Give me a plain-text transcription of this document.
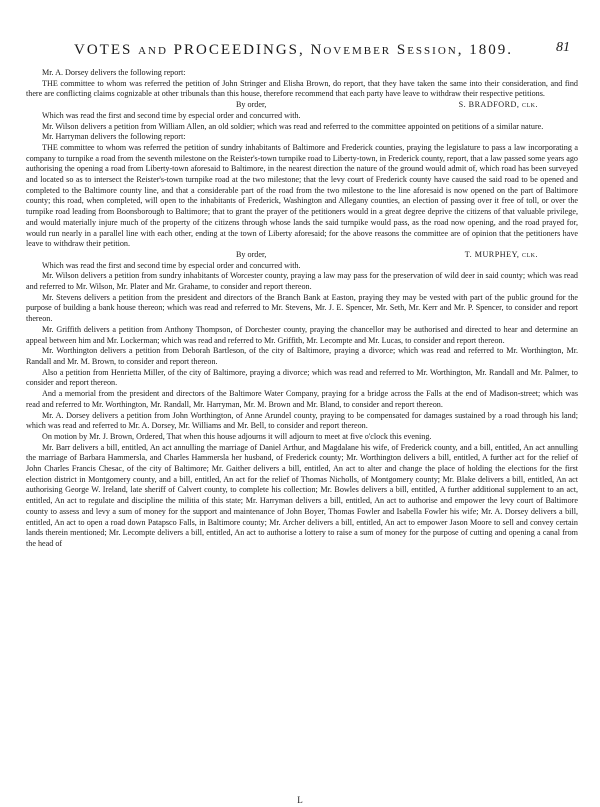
VOTES and PROCEEDINGS, November Session, 1809.	81

Mr. A. Dorsey delivers the following report:

THE committee to whom was referred the petition of John Stringer and Elisha Brown, do report, that they have taken the same into their consideration, and find there are conflicting claims cognizable at other tribunals than this house, therefore recommend that each party have leave to withdraw their respective petitions.

By order,	S. BRADFORD, clk.

Which was read the first and second time by especial order and concurred with.

Mr. Wilson delivers a petition from William Allen, an old soldier; which was read and referred to the committee appointed on petitions of a similar nature.

Mr. Harryman delivers the following report:

THE committee to whom was referred the petition of sundry inhabitants of Baltimore and Frederick counties, praying the legislature to pass a law incorporating a company to turnpike a road from the seventh milestone on the Reister's-town turnpike road to Liberty-town, in Frederick county, report, that a law passed some years ago authorising the opening a road from Liberty-town aforesaid to Baltimore, in the nearest direction the nature of the ground would admit of, which road has been surveyed and located so as to intersect the Reister's-town turnpike road at the two milestone; that the levy court of Frederick county have caused the said road to be opened and completed to the Baltimore county line, and that a considerable part of the road from the two milestone to the line aforesaid is now opened on the part of Baltimore county; this road, when completed, will open to the inhabitants of Frederick, Washington and Allegany counties, an election of passing over it free of toll, or over the turnpike road leading from Boonsborough to Baltimore; that to grant the prayer of the petitioners would in a great degree deprive the citizens of that valuable privilege, and would materially injure much of the property of the citizens through whose lands the said turnpike would pass, as the road now opening, and the road prayed for, would run nearly in a parallel line with each other, ending at the town of Liberty aforesaid; for the above reasons the committee are of opinion that the petitioners have leave to withdraw their petition.

By order,	T. MURPHEY, clk.

Which was read the first and second time by especial order and concurred with.

Mr. Wilson delivers a petition from sundry inhabitants of Worcester county, praying a law may pass for the preservation of wild deer in said county; which was read and referred to Mr. Wilson, Mr. Plater and Mr. Grahame, to consider and report thereon.

Mr. Stevens delivers a petition from the president and directors of the Branch Bank at Easton, praying they may be vested with part of the public ground for the purpose of building a bank house thereon; which was read and referred to Mr. Stevens, Mr. J. E. Spencer, Mr. Seth, Mr. Kerr and Mr. P. Spencer, to consider and report thereon.

Mr. Griffith delivers a petition from Anthony Thompson, of Dorchester county, praying the chancellor may be authorised and directed to hear and determine an appeal between him and Mr. Lockerman; which was read and referred to Mr. Griffith, Mr. Lecompte and Mr. Lucas, to consider and report thereon.

Mr. Worthington delivers a petition from Deborah Bartleson, of the city of Baltimore, praying a divorce; which was read and referred to Mr. Worthington, Mr. Randall and Mr. M. Brown, to consider and report thereon.

Also a petition from Henrietta Miller, of the city of Baltimore, praying a divorce; which was read and referred to Mr. Worthington, Mr. Randall and Mr. Palmer, to consider and report thereon.

And a memorial from the president and directors of the Baltimore Water Company, praying for a bridge across the Falls at the end of Madison-street; which was read and referred to Mr. Worthington, Mr. Randall, Mr. Harryman, Mr. M. Brown and Mr. Bland, to consider and report thereon.

Mr. A. Dorsey delivers a petition from John Worthington, of Anne Arundel county, praying to be compensated for damages sustained by a road through his land; which was read and referred to Mr. A. Dorsey, Mr. Williams and Mr. Bell, to consider and report thereon.

On motion by Mr. J. Brown, Ordered, That when this house adjourns it will adjourn to meet at five o'clock this evening.

Mr. Barr delivers a bill, entitled, An act annulling the marriage of Daniel Arthur, and Magdalane his wife, of Frederick county, and a bill, entitled, An act annulling the marriage of Barbara Hammersla, and Charles Hammersla her husband, of Frederick county; Mr. Worthington delivers a bill, entitled, A further act for the relief of John Charles Francis Chesac, of the city of Baltimore; Mr. Gaither delivers a bill, entitled, An act to alter and change the place of holding the elections for the first election district in Montgomery county, and a bill, entitled, An act for the relief of Thomas Nicholls, of Montgomery county; Mr. Blake delivers a bill, entitled, An act authorising George W. Ireland, late sheriff of Calvert county, to complete his collection; Mr. Bowles delivers a bill, entitled, A further additional supplement to an act, entitled, An act to regulate and discipline the militia of this state; Mr. Harryman delivers a bill, entitled, An act to authorise and empower the levy court of Baltimore county to assess and levy a sum of money for the support and maintenance of John Boyer, Thomas Fowler and Isabella Fowler his wife; Mr. A. Dorsey delivers a bill, entitled, An act to open a road down Patapsco Falls, in Baltimore county; Mr. Archer delivers a bill, entitled, An act to empower Jason Moore to sell and convey certain lands therein mentioned; Mr. Lecompte delivers a bill, entitled, An act to authorise a lottery to raise a sum of money for the purpose of cutting and opening a canal from the head of

L
